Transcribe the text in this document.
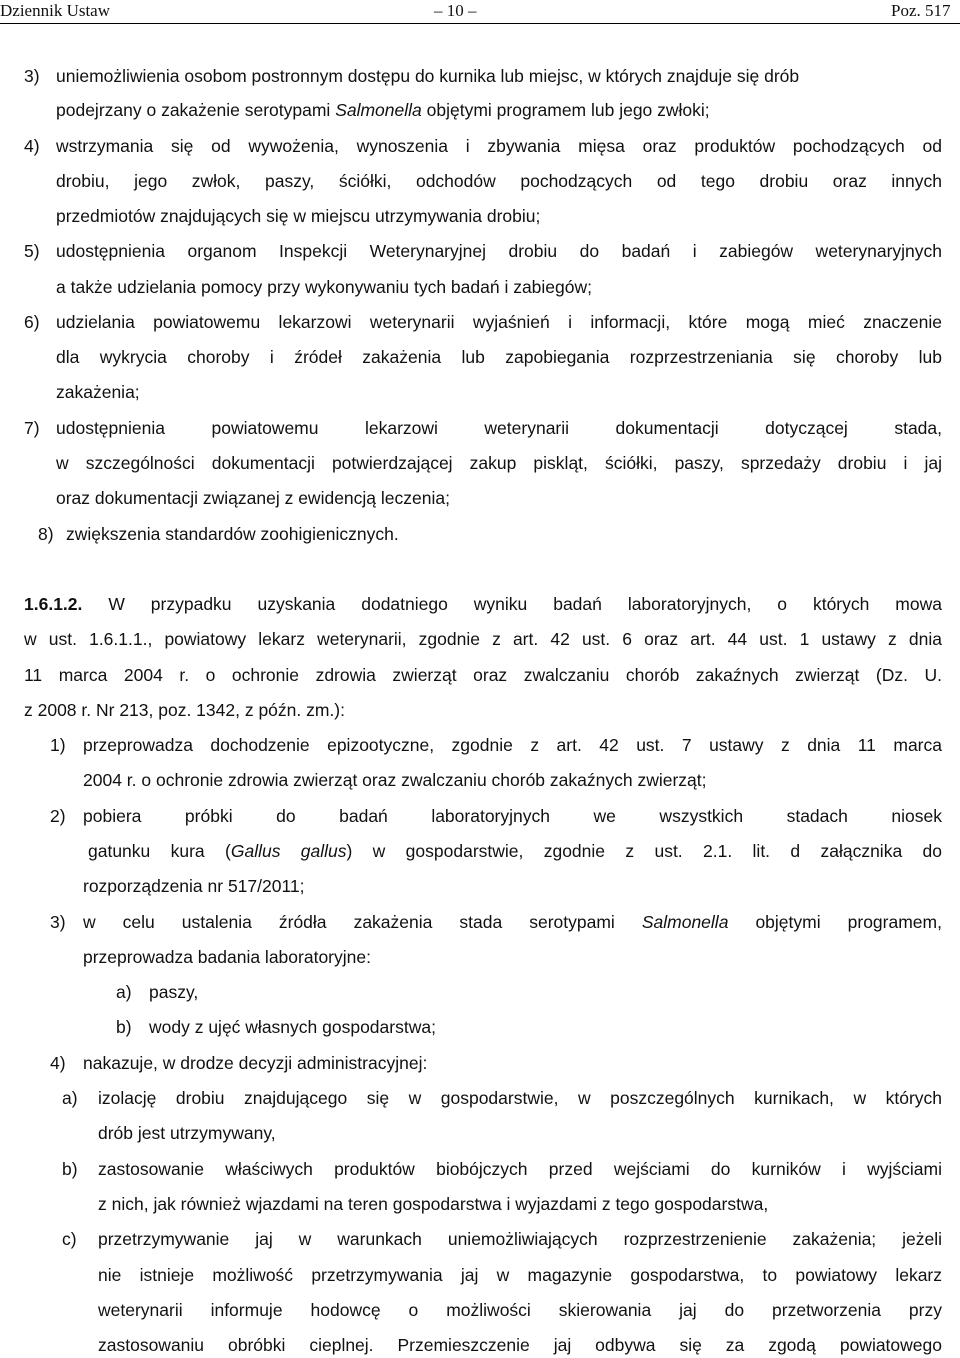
Dziennik Ustaw	– 10 –	Poz. 517
3) uniemożliwienia osobom postronnym dostępu do kurnika lub miejsc, w których znajduje się drób
podejrzany o zakażenie serotypami Salmonella objętymi programem lub jego zwłoki;
4) wstrzymania się od wywożenia, wynoszenia i zbywania mięsa oraz produktów pochodzących od
drobiu, jego zwłok, paszy, ściółki, odchodów pochodzących od tego drobiu oraz innych
przedmiotów znajdujących się w miejscu utrzymywania drobiu;
5) udostępnienia organom Inspekcji Weterynaryjnej drobiu do badań i zabiegów weterynaryjnych
a także udzielania pomocy przy wykonywaniu tych badań i zabiegów;
6) udzielania powiatowemu lekarzowi weterynarii wyjaśnień i informacji, które mogą mieć znaczenie
dla wykrycia choroby i źródeł zakażenia lub zapobiegania rozprzestrzeniania się choroby lub
zakażenia;
7) udostępnienia powiatowemu lekarzowi weterynarii dokumentacji dotyczącej stada,
w szczególności dokumentacji potwierdzającej zakup piskląt, ściółki, paszy, sprzedaży drobiu i jaj
oraz dokumentacji związanej z ewidencją leczenia;
8) zwiększenia standardów zoohigienicznych.
1.6.1.2. W przypadku uzyskania dodatniego wyniku badań laboratoryjnych, o których mowa
w ust. 1.6.1.1., powiatowy lekarz weterynarii, zgodnie z art. 42 ust. 6 oraz art. 44 ust. 1 ustawy z dnia
11 marca 2004 r. o ochronie zdrowia zwierząt oraz zwalczaniu chorób zakaźnych zwierząt (Dz. U.
z 2008 r. Nr 213, poz. 1342, z późn. zm.):
1) przeprowadza dochodzenie epizootyczne, zgodnie z art. 42 ust. 7 ustawy z dnia 11 marca
2004 r. o ochronie zdrowia zwierząt oraz zwalczaniu chorób zakaźnych zwierząt;
2) pobiera próbki do badań laboratoryjnych we wszystkich stadach niosek
gatunku kura (Gallus gallus) w gospodarstwie, zgodnie z ust. 2.1. lit. d załącznika do
rozporządzenia nr 517/2011;
3) w celu ustalenia źródła zakażenia stada serotypami Salmonella objętymi programem,
przeprowadza badania laboratoryjne:
a) paszy,
b) wody z ujęć własnych gospodarstwa;
4) nakazuje, w drodze decyzji administracyjnej:
a) izolację drobiu znajdującego się w gospodarstwie, w poszczególnych kurnikach, w których
drób jest utrzymywany,
b) zastosowanie właściwych produktów biobójczych przed wejściami do kurników i wyjściami
z nich, jak również wjazdami na teren gospodarstwa i wyjazdami z tego gospodarstwa,
c) przetrzymywanie jaj w warunkach uniemożliwiających rozprzestrzenienie zakażenia; jeżeli
nie istnieje możliwość przetrzymywania jaj w magazynie gospodarstwa, to powiatowy lekarz
weterynarii informuje hodowcę o możliwości skierowania jaj do przetworzenia przy
zastosowaniu obróbki cieplnej. Przemieszczenie jaj odbywa się za zgodą powiatowego
